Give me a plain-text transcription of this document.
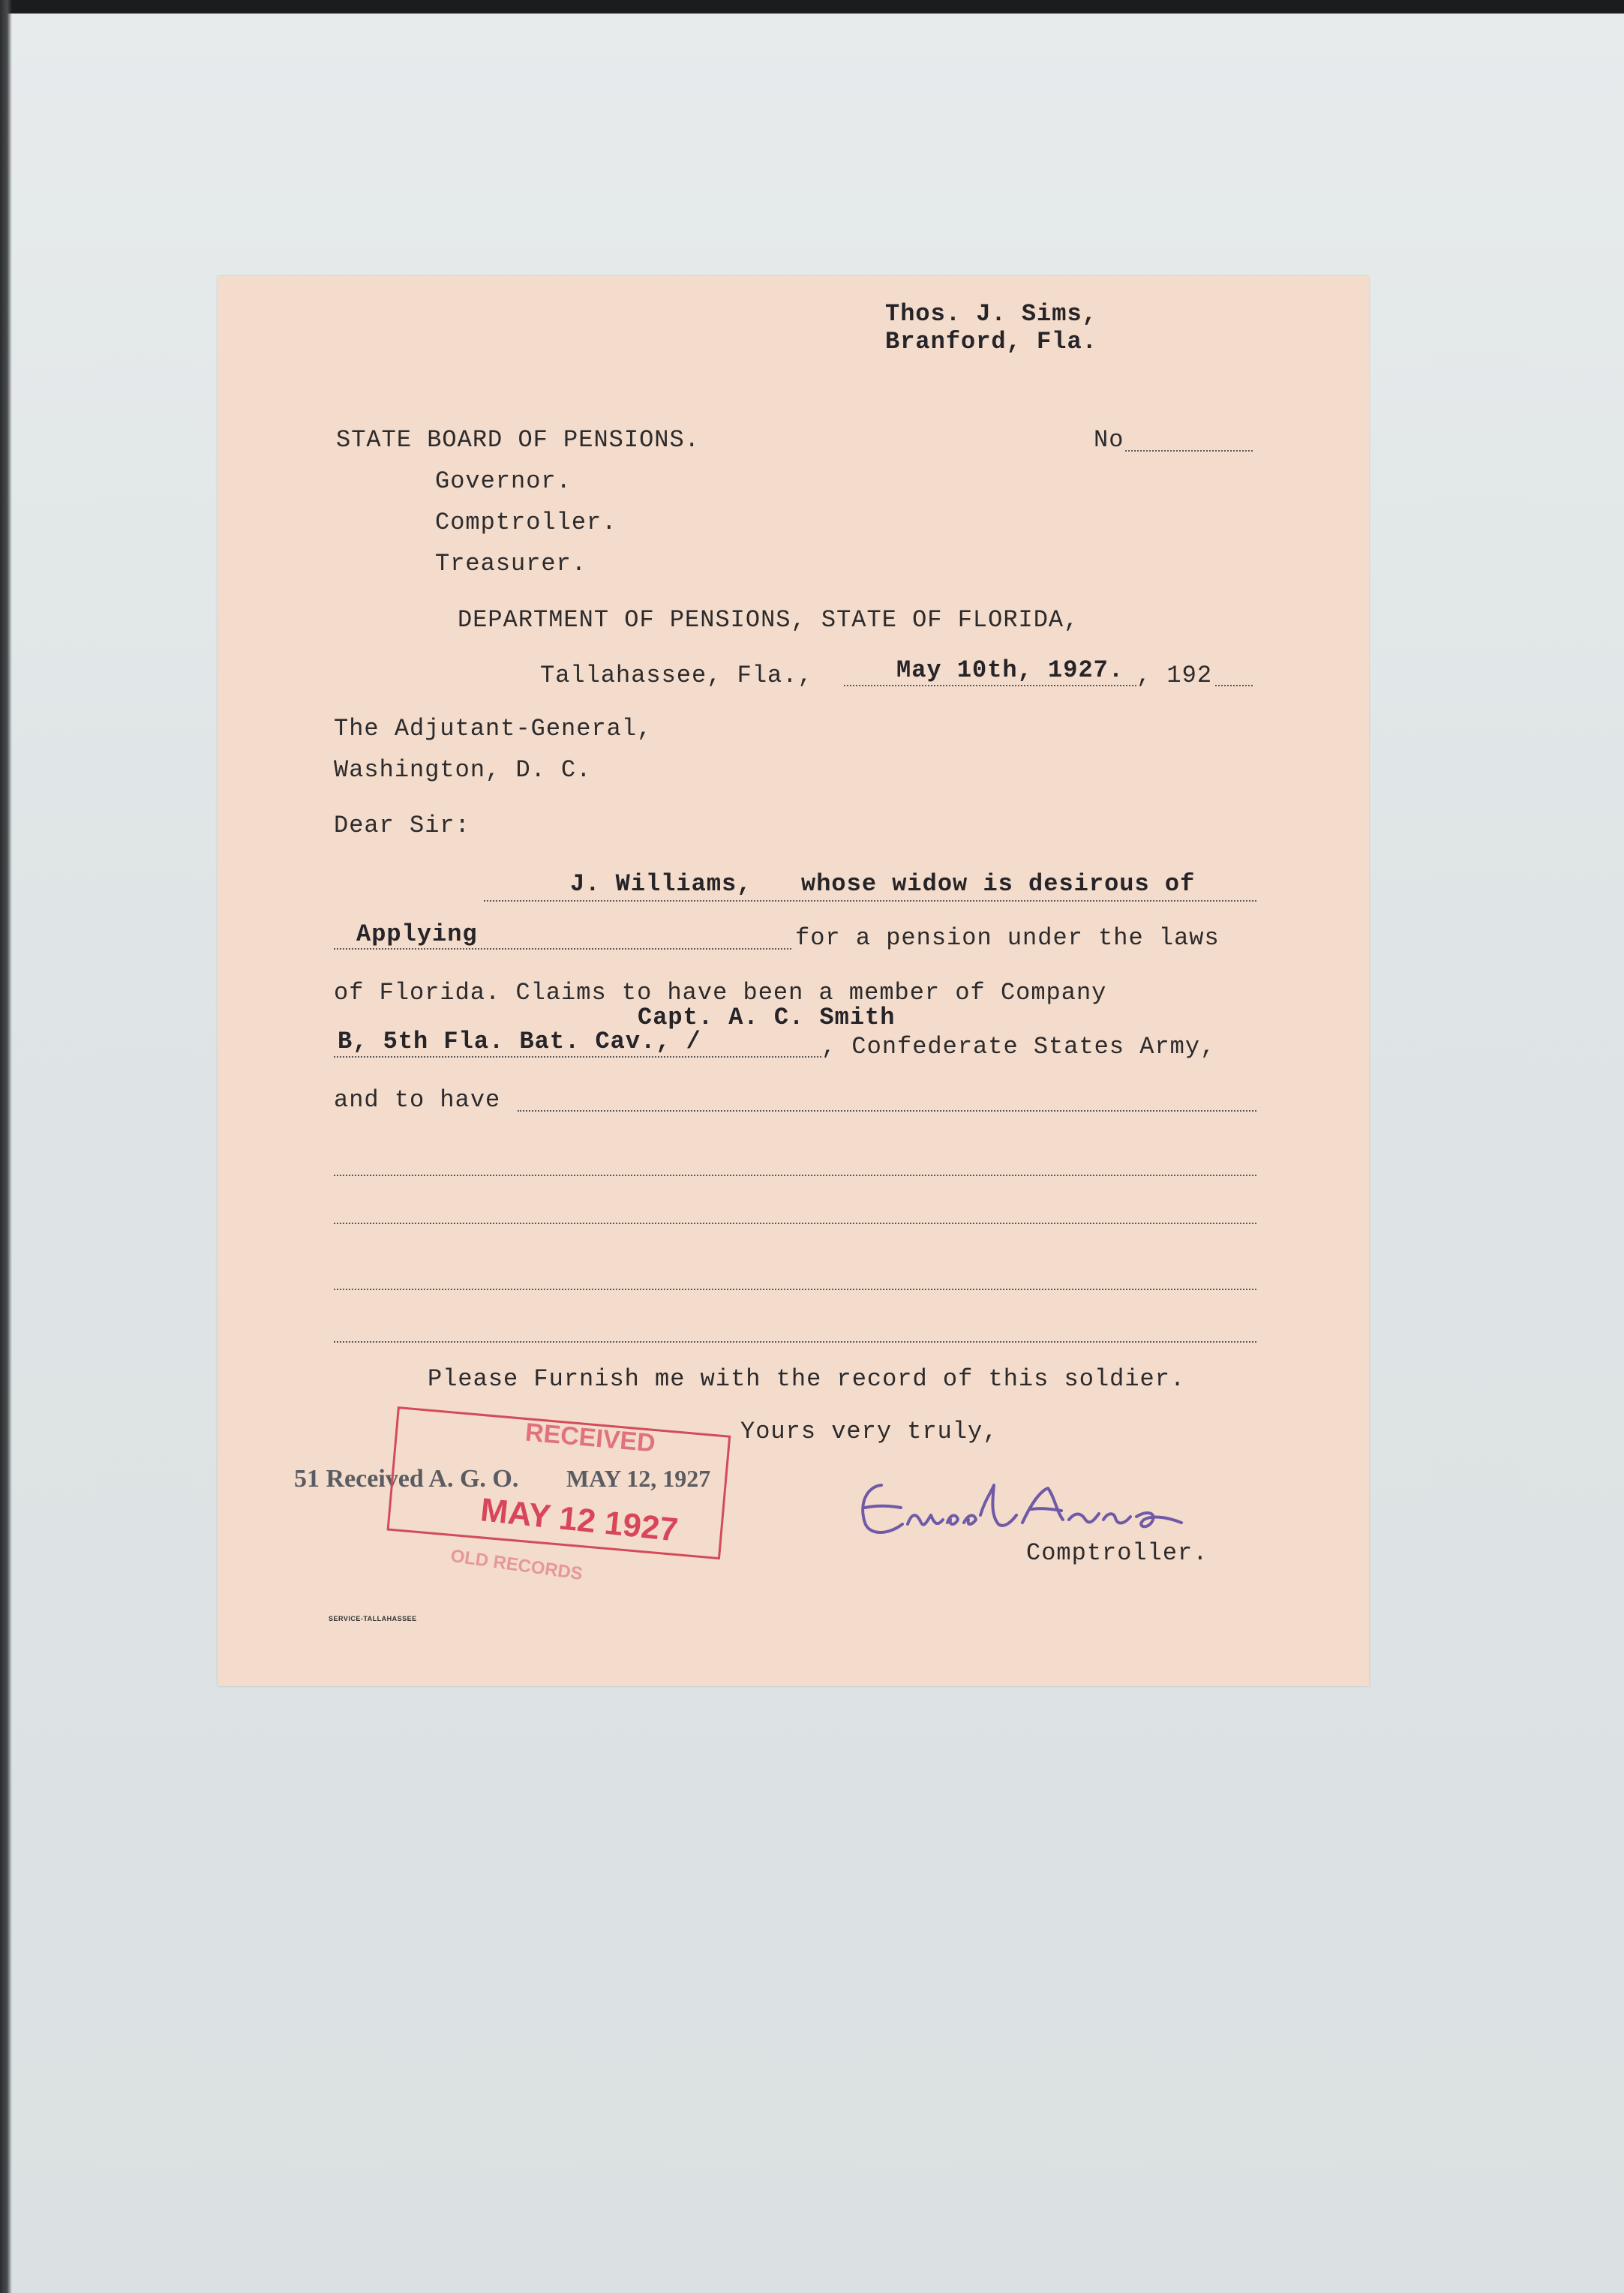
Thos. J. Sims,
Branford, Fla.
STATE BOARD OF PENSIONS.	No
Governor.
Comptroller.
Treasurer.
DEPARTMENT OF PENSIONS, STATE OF FLORIDA,
Tallahassee, Fla.,	May 10th, 1927. , 192
The Adjutant-General,
Washington, D. C.
Dear Sir:
J. Williams, whose widow is desirous of
Applying	for a pension under the laws
of Florida. Claims to have been a member of Company
Capt. A. C. Smith
B, 5th Fla. Bat. Cav., /	, Confederate States Army,
and to have
Please Furnish me with the record of this soldier.
Yours very truly,
Comptroller.
SERVICE-TALLAHASSEE
51 Received A. G. O. MAY 12, 1927
RECEIVED
MAY 12 1927
OLD RECORDS
